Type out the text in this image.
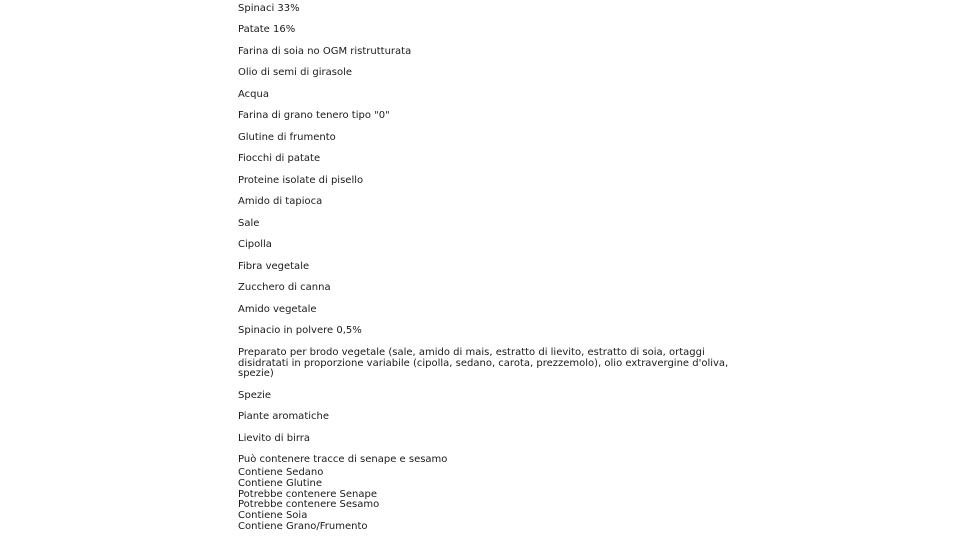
Spinaci 33%
Patate 16%
Farina di soia no OGM ristrutturata
Olio di semi di girasole
Acqua
Farina di grano tenero tipo "0"
Glutine di frumento
Fiocchi di patate
Proteine isolate di pisello
Amido di tapioca
Sale
Cipolla
Fibra vegetale
Zucchero di canna
Amido vegetale
Spinacio in polvere 0,5%
Preparato per brodo vegetale (sale, amido di mais, estratto di lievito, estratto di soia, ortaggi disidratati in proporzione variabile (cipolla, sedano, carota, prezzemolo), olio extravergine d'oliva, spezie)
Spezie
Piante aromatiche
Lievito di birra
Può contenere tracce di senape e sesamo
Contiene Sedano
Contiene Glutine
Potrebbe contenere Senape
Potrebbe contenere Sesamo
Contiene Soia
Contiene Grano/Frumento
